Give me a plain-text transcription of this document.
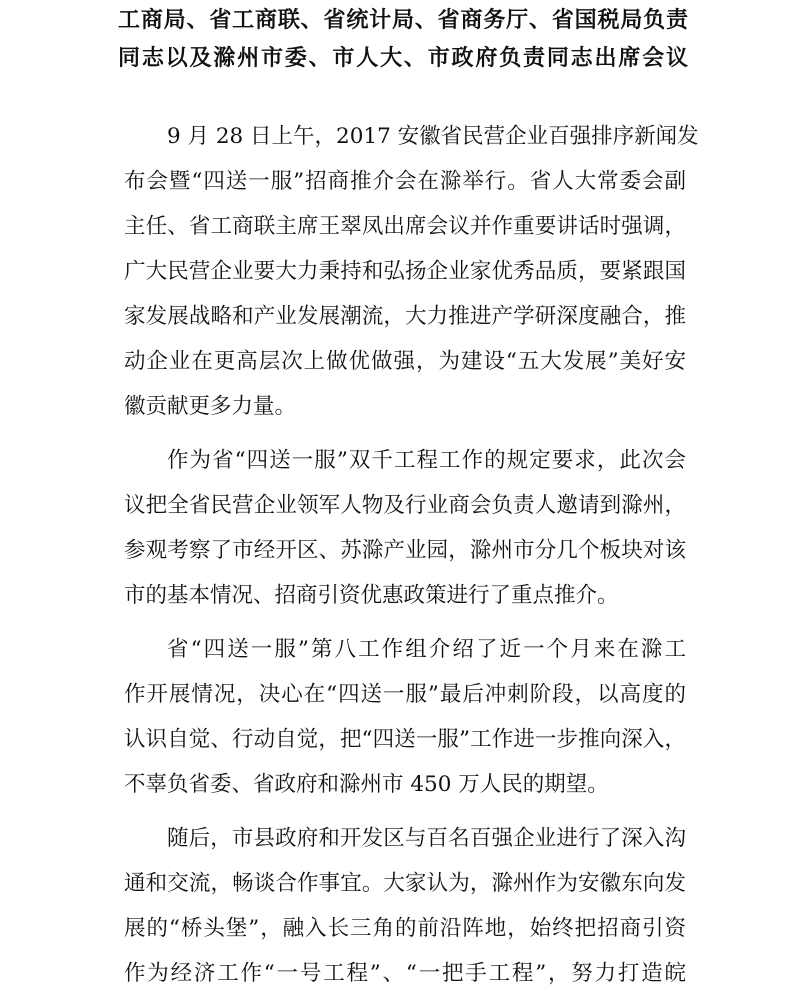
工商局、省工商联、省统计局、省商务厅、省国税局负责
同志以及滁州市委、市人大、市政府负责同志出席会议
9 月 28 日上午，2017 安徽省民营企业百强排序新闻发
布会暨“四送一服”招商推介会在滁举行。省人大常委会副
主任、省工商联主席王翠凤出席会议并作重要讲话时强调，
广大民营企业要大力秉持和弘扬企业家优秀品质，要紧跟国
家发展战略和产业发展潮流，大力推进产学研深度融合，推
动企业在更高层次上做优做强，为建设“五大发展”美好安
徽贡献更多力量。
作为省“四送一服”双千工程工作的规定要求，此次会
议把全省民营企业领军人物及行业商会负责人邀请到滁州，
参观考察了市经开区、苏滁产业园，滁州市分几个板块对该
市的基本情况、招商引资优惠政策进行了重点推介。
省“四送一服”第八工作组介绍了近一个月来在滁工
作开展情况，决心在“四送一服”最后冲刺阶段，以高度的
认识自觉、行动自觉，把“四送一服”工作进一步推向深入，
不辜负省委、省政府和滁州市 450 万人民的期望。
随后，市县政府和开发区与百名百强企业进行了深入沟
通和交流，畅谈合作事宜。大家认为，滁州作为安徽东向发
展的“桥头堡”，融入长三角的前沿阵地，始终把招商引资
作为经济工作“一号工程”、“一把手工程”，努力打造皖
